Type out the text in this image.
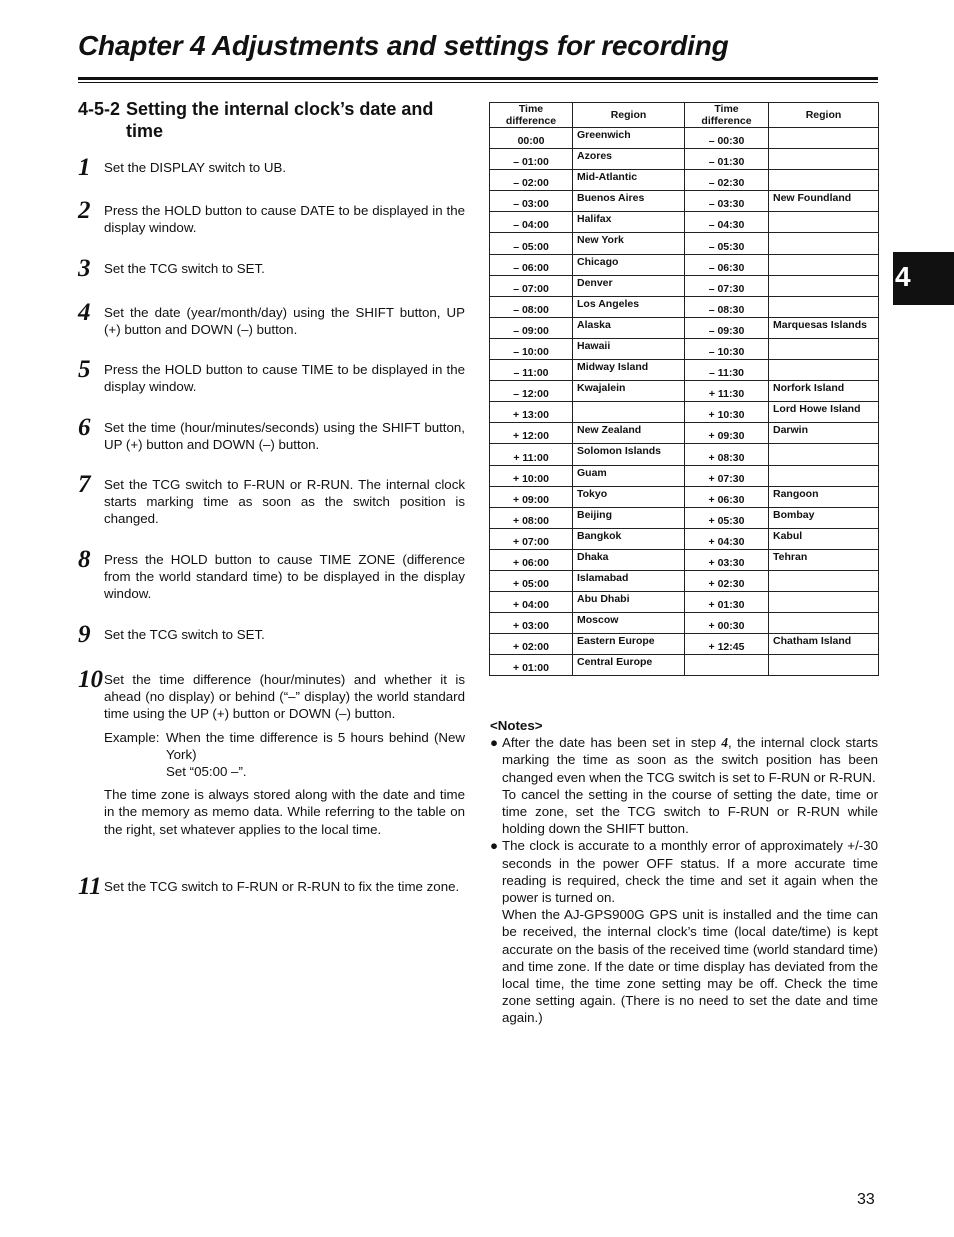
Chapter 4 Adjustments and settings for recording
4
4-5-2 Setting the internal clock’s date and
time
1	Set the DISPLAY switch to UB.

2	Press the HOLD button to cause DATE to be displayed in the display window.

3	Set the TCG switch to SET.

4	Set the date (year/month/day) using the SHIFT button, UP (+) button and DOWN (–) button.

5	Press the HOLD button to cause TIME to be displayed in the display window.

6	Set the time (hour/minutes/seconds) using the SHIFT button, UP (+) button and DOWN (–) button.

7	Set the TCG switch to F-RUN or R-RUN. The internal clock starts marking time as soon as the switch position is changed.

8	Press the HOLD button to cause TIME ZONE (difference from the world standard time) to be displayed in the display window.

9	Set the TCG switch to SET.

10 Set the time difference (hour/minutes) and whether it is ahead (no display) or behind (“–” display) the world standard time using the UP (+) button or DOWN (–) button.

Example: When the time difference is 5 hours behind (New York)
Set “05:00 –”.

The time zone is always stored along with the date and time in the memory as memo data. While referring to the table on the right, set whatever applies to the local time.

11 Set the TCG switch to F-RUN or R-RUN to fix the time zone.

Time difference	Region	Time difference	Region
00:00	Greenwich	– 00:30	
– 01:00	Azores	– 01:30	
– 02:00	Mid-Atlantic	– 02:30	
– 03:00	Buenos Aires	– 03:30	New Foundland
– 04:00	Halifax	– 04:30	
– 05:00	New York	– 05:30	
– 06:00	Chicago	– 06:30	
– 07:00	Denver	– 07:30	
– 08:00	Los Angeles	– 08:30	
– 09:00	Alaska	– 09:30	Marquesas Islands
– 10:00	Hawaii	– 10:30	
– 11:00	Midway Island	– 11:30	
– 12:00	Kwajalein	+ 11:30	Norfork Island
+ 13:00		+ 10:30	Lord Howe Island
+ 12:00	New Zealand	+ 09:30	Darwin
+ 11:00	Solomon Islands	+ 08:30	
+ 10:00	Guam	+ 07:30	
+ 09:00	Tokyo	+ 06:30	Rangoon
+ 08:00	Beijing	+ 05:30	Bombay
+ 07:00	Bangkok	+ 04:30	Kabul
+ 06:00	Dhaka	+ 03:30	Tehran
+ 05:00	Islamabad	+ 02:30	
+ 04:00	Abu Dhabi	+ 01:30	
+ 03:00	Moscow	+ 00:30	
+ 02:00	Eastern Europe	+ 12:45	Chatham Island
+ 01:00	Central Europe		
<Notes>
● After the date has been set in step 4, the internal clock starts marking the time as soon as the switch position has been changed even when the TCG switch is set to F-RUN or R-RUN.

To cancel the setting in the course of setting the date, time or time zone, set the TCG switch to F-RUN or R-RUN while holding down the SHIFT button.

● The clock is accurate to a monthly error of approximately +/-30 seconds in the power OFF status. If a more accurate time reading is required, check the time and set it again when the power is turned on.

When the AJ-GPS900G GPS unit is installed and the time can be received, the internal clock’s time (local date/time) is kept accurate on the basis of the received time (world standard time) and time zone. If the date or time display has deviated from the local time, the time zone setting may be off. Check the time zone setting again. (There is no need to set the date and time again.)

33
